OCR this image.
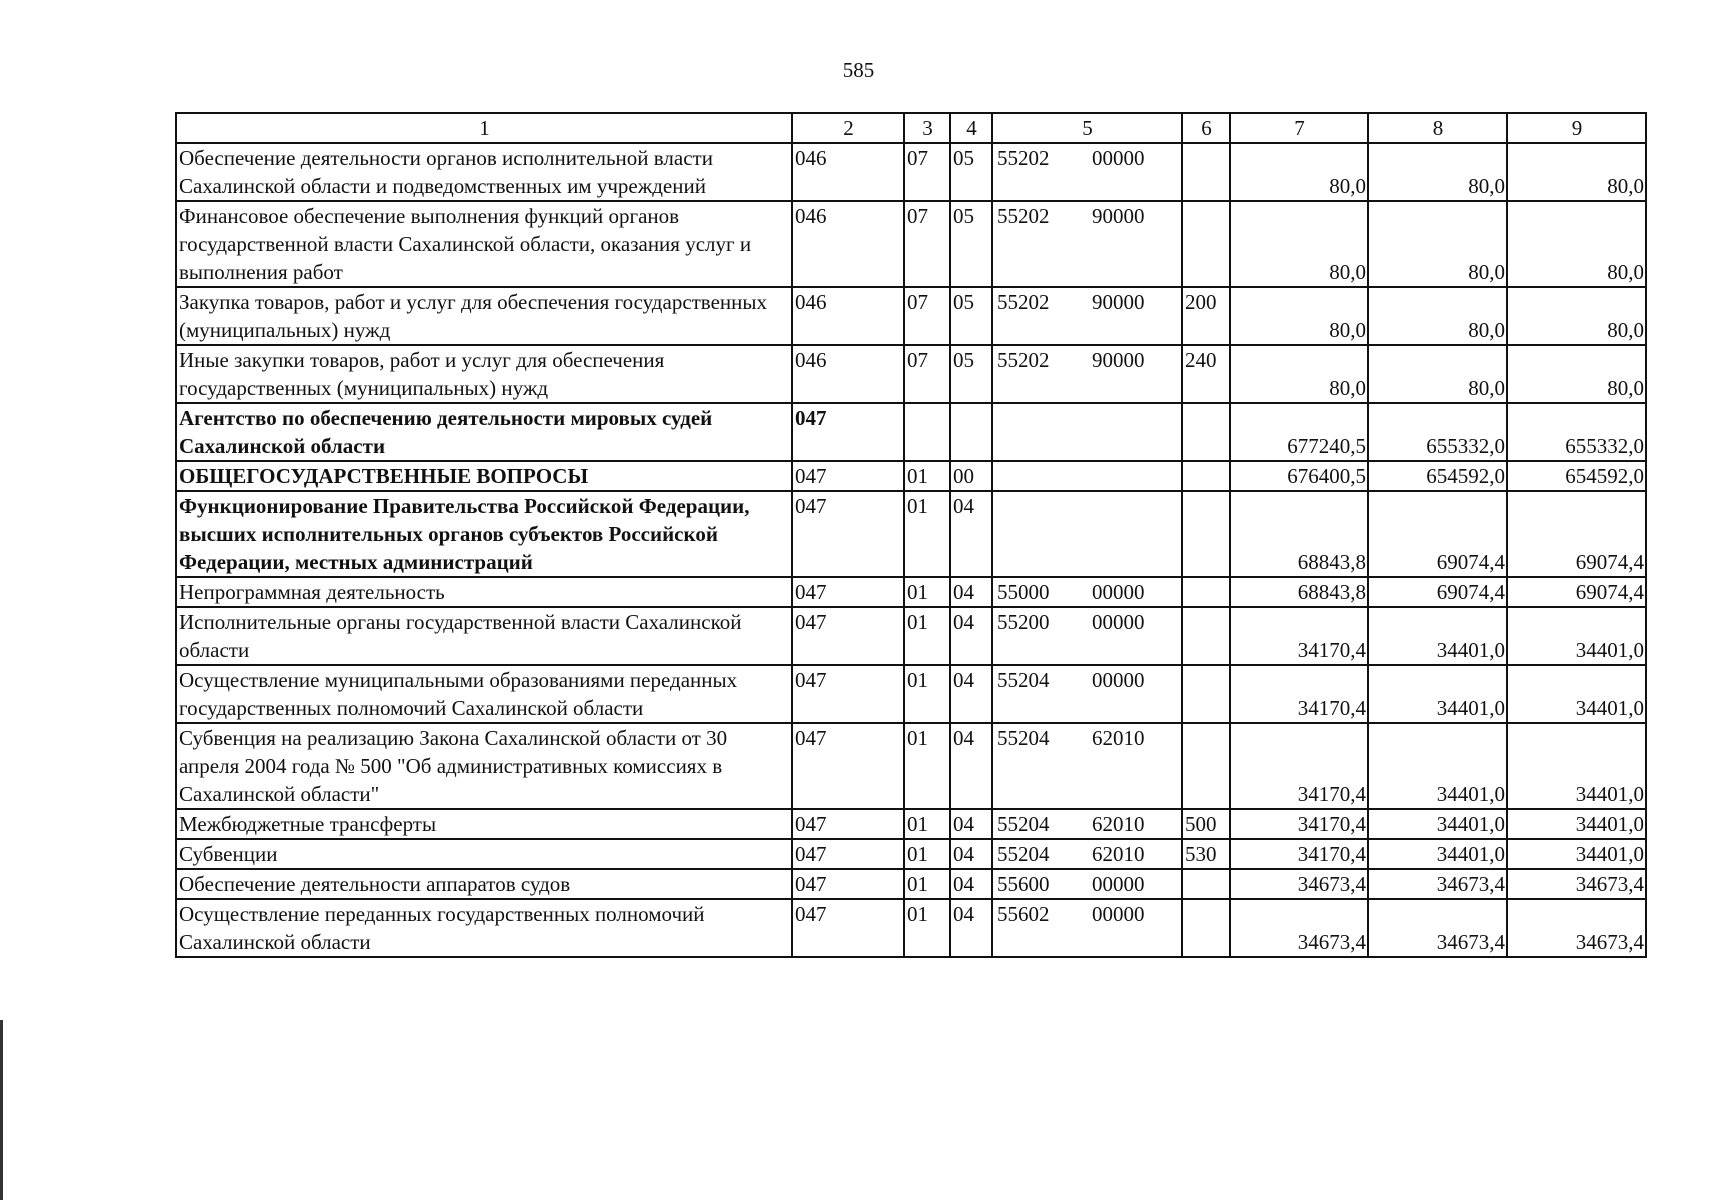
585
1	2	3	4	5	6	7	8	9
Обеспечение деятельности органов исполнительной власти Сахалинской области и подведомственных им учреждений	046	07	05	55202 00000		80,0	80,0	80,0
Финансовое обеспечение выполнения функций органов государственной власти Сахалинской области, оказания услуг и выполнения работ	046	07	05	55202 90000		80,0	80,0	80,0
Закупка товаров, работ и услуг для обеспечения государственных (муниципальных) нужд	046	07	05	55202 90000	200	80,0	80,0	80,0
Иные закупки товаров, работ и услуг для обеспечения государственных (муниципальных) нужд	046	07	05	55202 90000	240	80,0	80,0	80,0
Агентство по обеспечению деятельности мировых судей Сахалинской области	047					677240,5	655332,0	655332,0
ОБЩЕГОСУДАРСТВЕННЫЕ ВОПРОСЫ	047	01	00			676400,5	654592,0	654592,0
Функционирование Правительства Российской Федерации, высших исполнительных органов субъектов Российской Федерации, местных администраций	047	01	04			68843,8	69074,4	69074,4
Непрограммная деятельность	047	01	04	55000 00000		68843,8	69074,4	69074,4
Исполнительные органы государственной власти Сахалинской области	047	01	04	55200 00000		34170,4	34401,0	34401,0
Осуществление муниципальными образованиями переданных государственных полномочий Сахалинской области	047	01	04	55204 00000		34170,4	34401,0	34401,0
Субвенция на реализацию Закона Сахалинской области от 30 апреля 2004 года № 500 "Об административных комиссиях в Сахалинской области"	047	01	04	55204 62010		34170,4	34401,0	34401,0
Межбюджетные трансферты	047	01	04	55204 62010	500	34170,4	34401,0	34401,0
Субвенции	047	01	04	55204 62010	530	34170,4	34401,0	34401,0
Обеспечение деятельности аппаратов судов	047	01	04	55600 00000		34673,4	34673,4	34673,4
Осуществление переданных государственных полномочий Сахалинской области	047	01	04	55602 00000		34673,4	34673,4	34673,4
